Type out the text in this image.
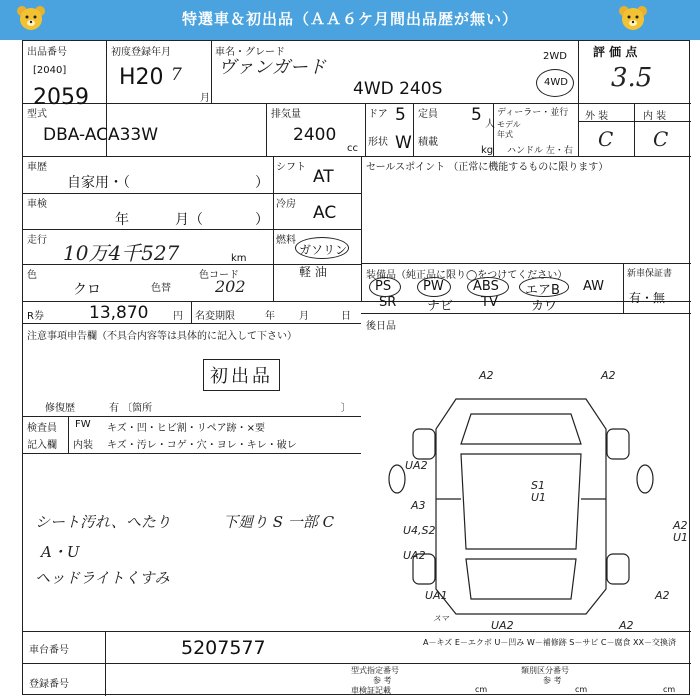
特選車＆初出品（ＡＡ６ケ月間出品歴が無い）
出品番号
[2040]
2059
初度登録年月
H20 7
月
車名・グレード
ヴァンガード
4WD 240S
2WD
4WD
評 価 点
3.5
外 装	内 装
C C
型式
DBA-ACA33W
排気量
2400
cc
ドア 5
形状 W
定員 5 人
積載
kg
ディーラー・並行
モデル
年式
ハンドル 左・右
車歴
自家用・（	）
車検
年	月（	）
走行
10万4千527	km
色
クロ	色替
色コード
202
シフト AT
冷房 AC
燃料
ガソリン
軽 油
R券	13,870 円 名変期限	年 月	日
セールスポイント （正常に機能するものに限ります）
装備品（純正品に限り◯をつけてください）
PS PW ABS エアB AW
SR ナビ TV	カワ
新車保証書
有・無
後日品
注意事項申告欄（不具合内容等は具体的に記入して下さい）
初出品
修復歴	有 〔箇所	〕
検査員
記入欄
FW
内装
キズ・凹・ヒビ割・リペア跡・×要
キズ・汚レ・コゲ・穴・ヨレ・キレ・破レ
シート汚れ、へたり
A・U
ヘッドライトくすみ
下廻り S 一部 C
車台番号	5207577
登録番号
A－キズ E－エクボ U－凹み W－補修跡 S－サビ C－腐食 XX－交換済
型式指定番号	類別区分番号
参 考	参 考
車検証記載	cm	cm	cm
A2	A2
UA2
A3
U4,S2
UA2
S1
U1
A2
U1
UA1
スマ
UA2	A2
A2
